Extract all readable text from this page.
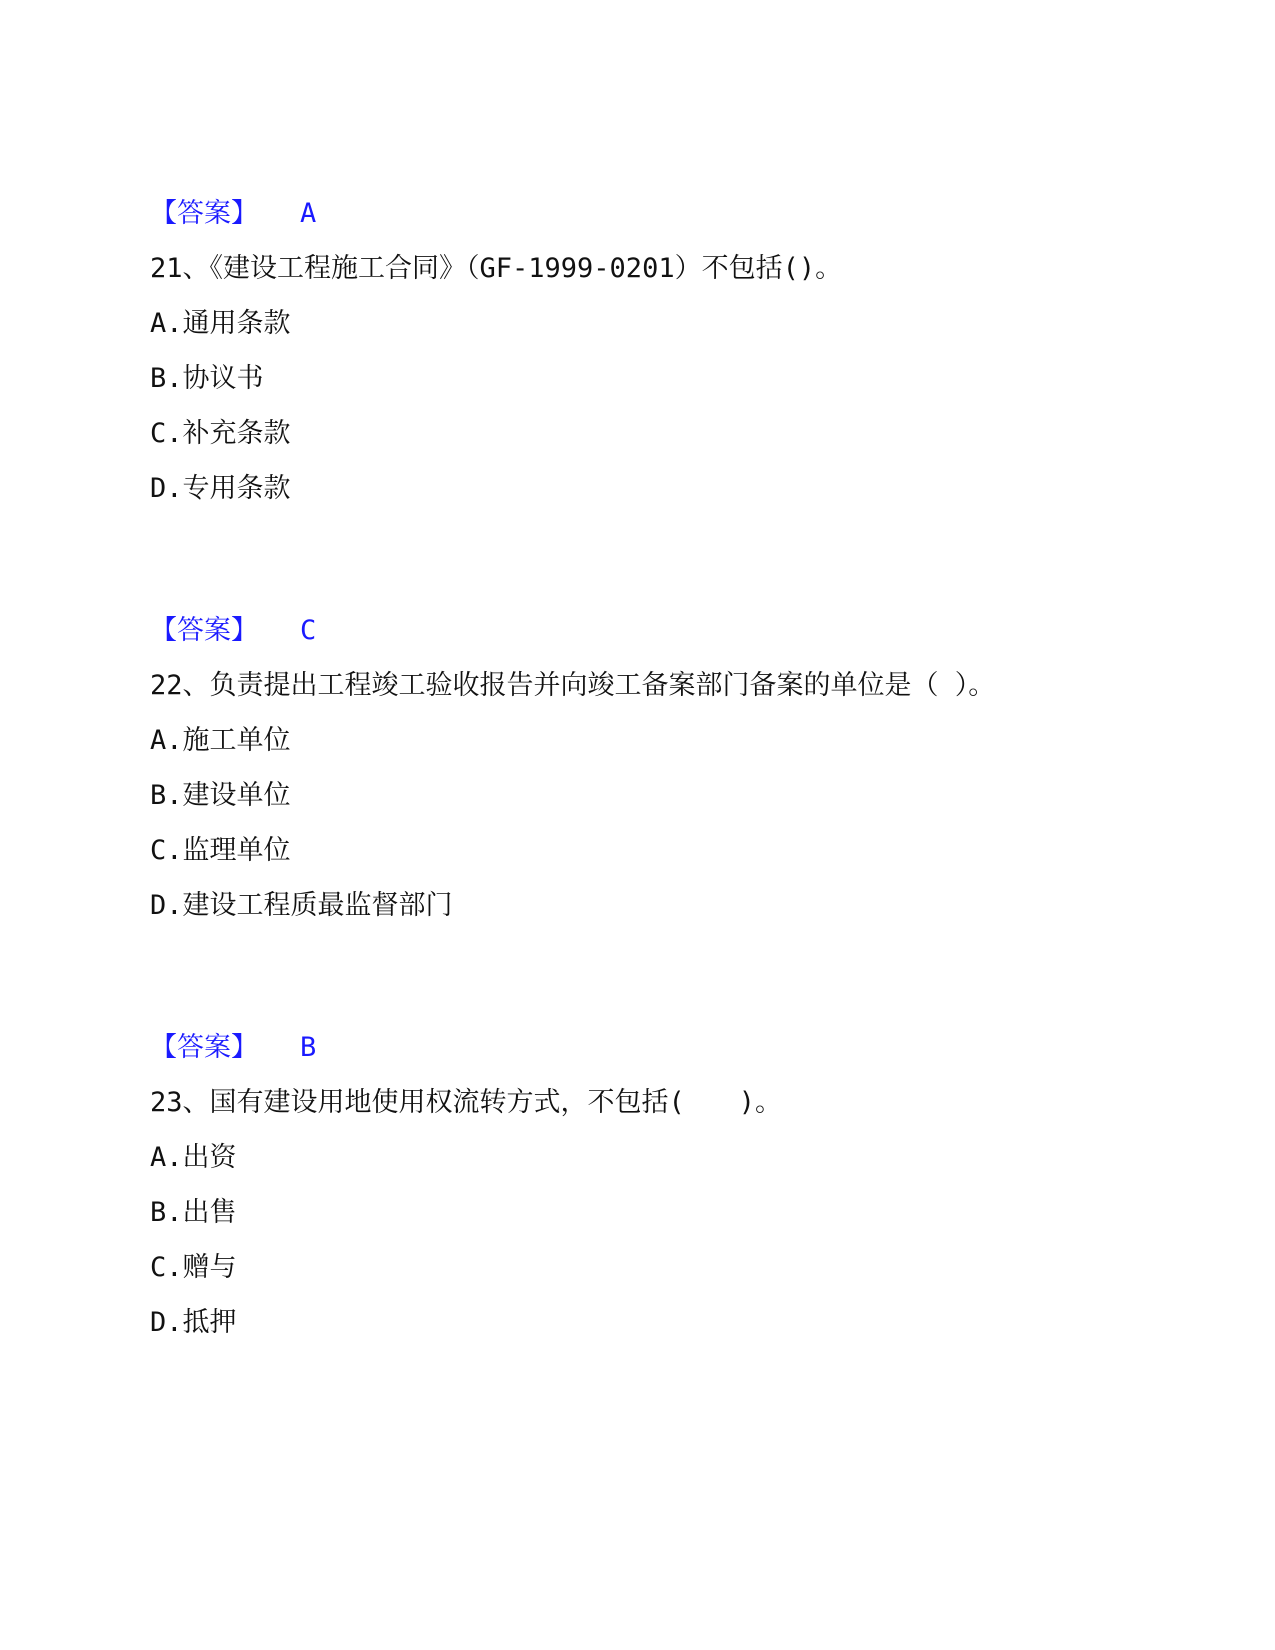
【答案】 A
21、《建设工程施工合同》（GF-1999-0201）不包括()。
A.通用条款
B.协议书
C.补充条款
D.专用条款
【答案】 C
22、负责提出工程竣工验收报告并向竣工备案部门备案的单位是（ ）。
A.施工单位
B.建设单位
C.监理单位
D.建设工程质最监督部门
【答案】 B
23、国有建设用地使用权流转方式，不包括(　　)。
A.出资
B.出售
C.赠与
D.抵押
